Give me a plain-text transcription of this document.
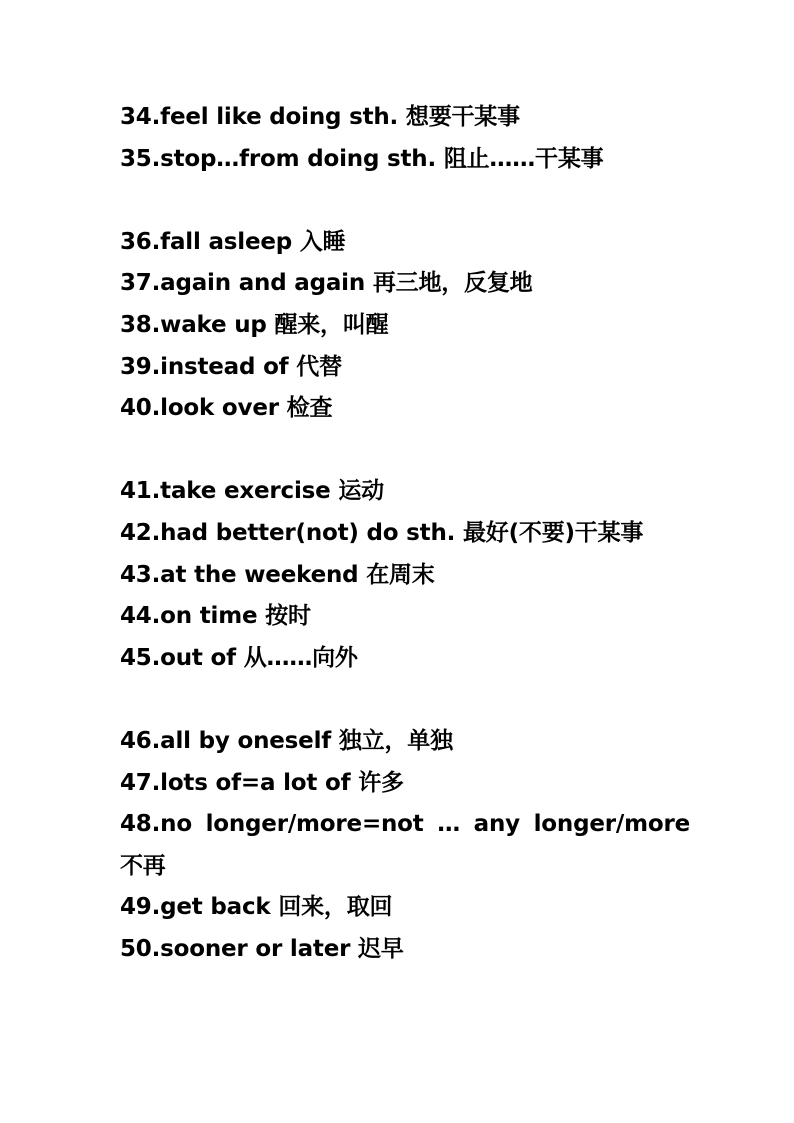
34.feel like doing sth. 想要干某事
35.stop…from doing sth. 阻止……干某事
36.fall asleep 入睡
37.again and again 再三地，反复地
38.wake up 醒来，叫醒
39.instead of 代替
40.look over 检查
41.take exercise 运动
42.had better(not) do sth. 最好(不要)干某事
43.at the weekend 在周末
44.on time 按时
45.out of 从……向外
46.all by oneself 独立，单独
47.lots of=a lot of 许多
48.no longer/more=not … any longer/more 不再
49.get back 回来，取回
50.sooner or later 迟早
